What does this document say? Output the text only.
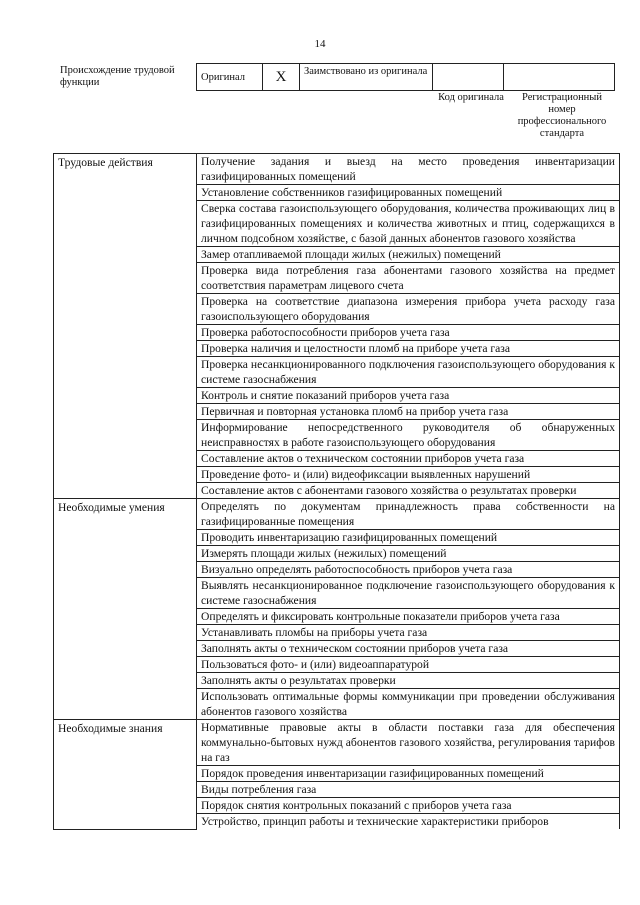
14
Происхождение трудовой функции	Оригинал	X	Заимствовано из оригинала		
Код оригинала	Регистрационный номер профессионального стандарта
Трудовые действия	Получение задания и выезд на место проведения инвентаризации газифицированных помещений
	Установление собственников газифицированных помещений
	Сверка состава газоиспользующего оборудования, количества проживающих лиц в газифицированных помещениях и количества животных и птиц, содержащихся в личном подсобном хозяйстве, с базой данных абонентов газового хозяйства
	Замер отапливаемой площади жилых (нежилых) помещений
	Проверка вида потребления газа абонентами газового хозяйства на предмет соответствия параметрам лицевого счета
	Проверка на соответствие диапазона измерения прибора учета расходу газа газоиспользующего оборудования
	Проверка работоспособности приборов учета газа
	Проверка наличия и целостности пломб на приборе учета газа
	Проверка несанкционированного подключения газоиспользующего оборудования к системе газоснабжения
	Контроль и снятие показаний приборов учета газа
	Первичная и повторная установка пломб на прибор учета газа
	Информирование непосредственного руководителя об обнаруженных неисправностях в работе газоиспользующего оборудования
	Составление актов о техническом состоянии приборов учета газа
	Проведение фото- и (или) видеофиксации выявленных нарушений
	Составление актов с абонентами газового хозяйства о результатах проверки
Необходимые умения	Определять по документам принадлежность права собственности на газифицированные помещения
	Проводить инвентаризацию газифицированных помещений
	Измерять площади жилых (нежилых) помещений
	Визуально определять работоспособность приборов учета газа
	Выявлять несанкционированное подключение газоиспользующего оборудования к системе газоснабжения
	Определять и фиксировать контрольные показатели приборов учета газа
	Устанавливать пломбы на приборы учета газа
	Заполнять акты о техническом состоянии приборов учета газа
	Пользоваться фото- и (или) видеоаппаратурой
	Заполнять акты о результатах проверки
	Использовать оптимальные формы коммуникации при проведении обслуживания абонентов газового хозяйства
Необходимые знания	Нормативные правовые акты в области поставки газа для обеспечения коммунально-бытовых нужд абонентов газового хозяйства, регулирования тарифов на газ
	Порядок проведения инвентаризации газифицированных помещений
	Виды потребления газа
	Порядок снятия контрольных показаний с приборов учета газа
	Устройство, принцип работы и технические характеристики приборов
